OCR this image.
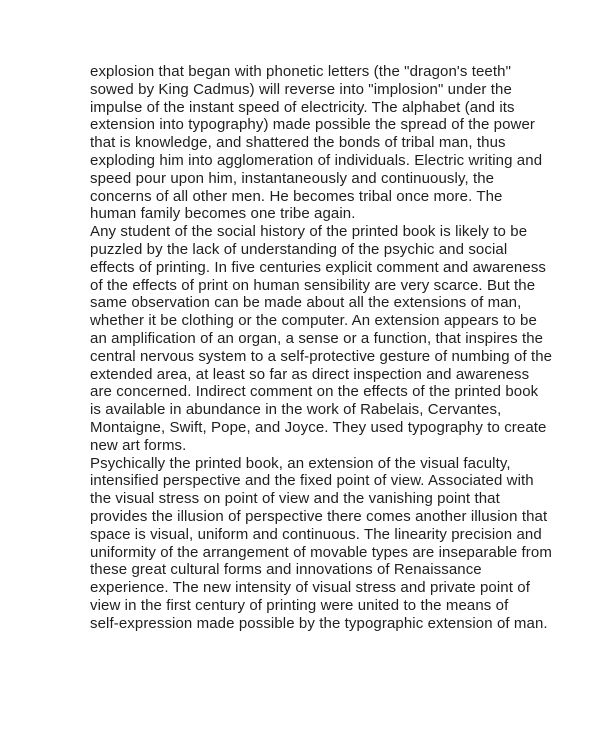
explosion that began with phonetic letters (the "dragon's teeth"
sowed by King Cadmus) will reverse into "implosion" under the
impulse of the instant speed of electricity. The alphabet (and its
extension into typography) made possible the spread of the power
that is knowledge, and shattered the bonds of tribal man, thus
exploding him into agglomeration of individuals. Electric writing and
speed pour upon him, instantaneously and continuously, the
concerns of all other men. He becomes tribal once more. The
human family becomes one tribe again.
Any student of the social history of the printed book is likely to be
puzzled by the lack of understanding of the psychic and social
effects of printing. In five centuries explicit comment and awareness
of the effects of print on human sensibility are very scarce. But the
same observation can be made about all the extensions of man,
whether it be clothing or the computer. An extension appears to be
an amplification of an organ, a sense or a function, that inspires the
central nervous system to a self-protective gesture of numbing of the
extended area, at least so far as direct inspection and awareness
are concerned. Indirect comment on the effects of the printed book
is available in abundance in the work of Rabelais, Cervantes,
Montaigne, Swift, Pope, and Joyce. They used typography to create
new art forms.
Psychically the printed book, an extension of the visual faculty,
intensified perspective and the fixed point of view. Associated with
the visual stress on point of view and the vanishing point that
provides the illusion of perspective there comes another illusion that
space is visual, uniform and continuous. The linearity precision and
uniformity of the arrangement of movable types are inseparable from
these great cultural forms and innovations of Renaissance
experience. The new intensity of visual stress and private point of
view in the first century of printing were united to the means of
self-expression made possible by the typographic extension of man.
